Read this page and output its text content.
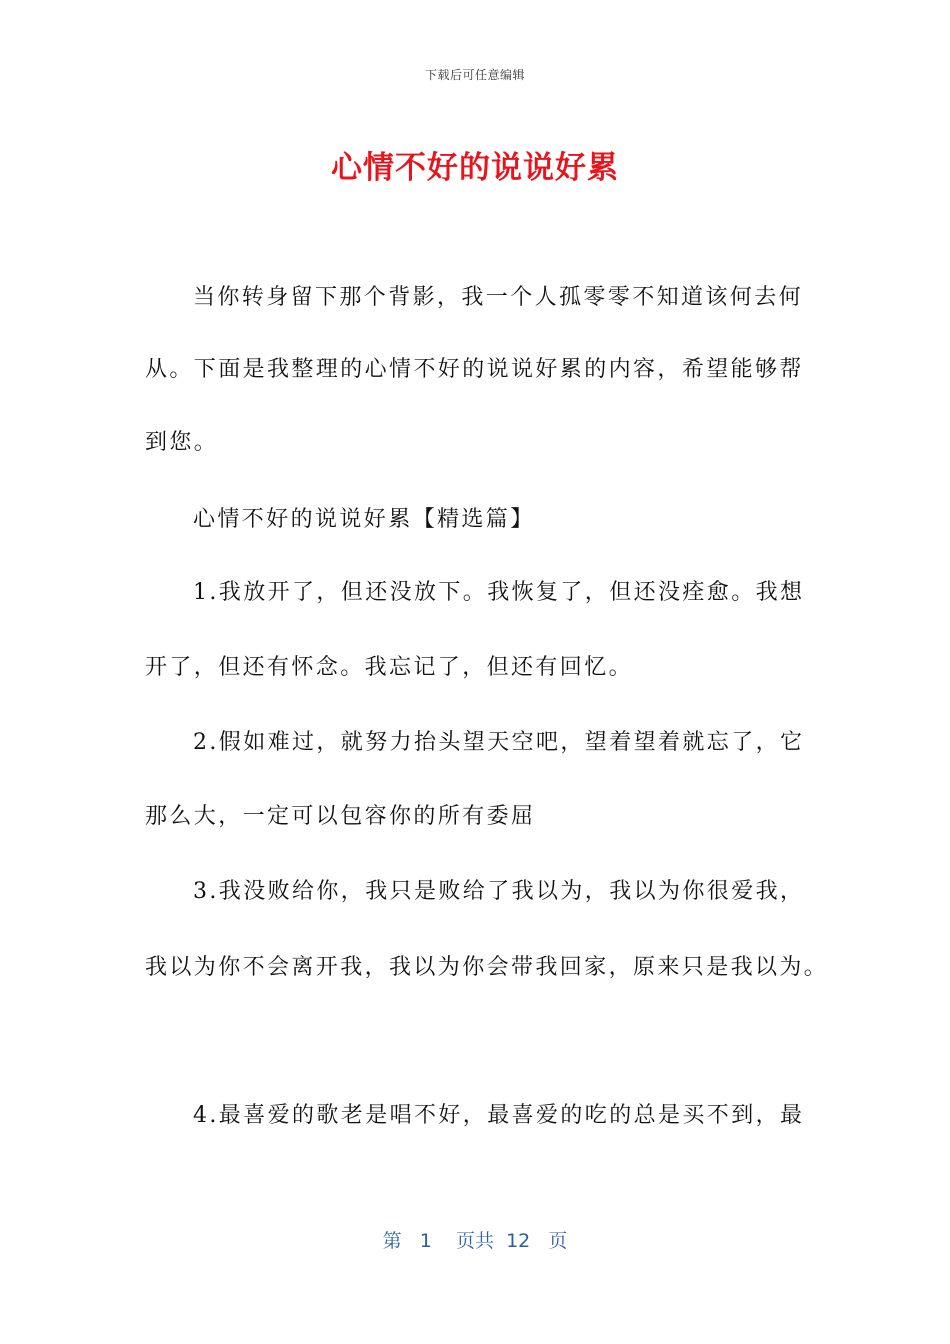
下载后可任意编辑
心情不好的说说好累
当你转身留下那个背影，我一个人孤零零不知道该何去何
从。下面是我整理的心情不好的说说好累的内容，希望能够帮
到您。
心情不好的说说好累【精选篇】
1.我放开了，但还没放下。我恢复了，但还没痊愈。我想
开了，但还有怀念。我忘记了，但还有回忆。
2.假如难过，就努力抬头望天空吧，望着望着就忘了，它
那么大，一定可以包容你的所有委屈
3.我没败给你，我只是败给了我以为，我以为你很爱我，
我以为你不会离开我，我以为你会带我回家，原来只是我以为。
4.最喜爱的歌老是唱不好，最喜爱的吃的总是买不到，最
第 1 页共 12 页
